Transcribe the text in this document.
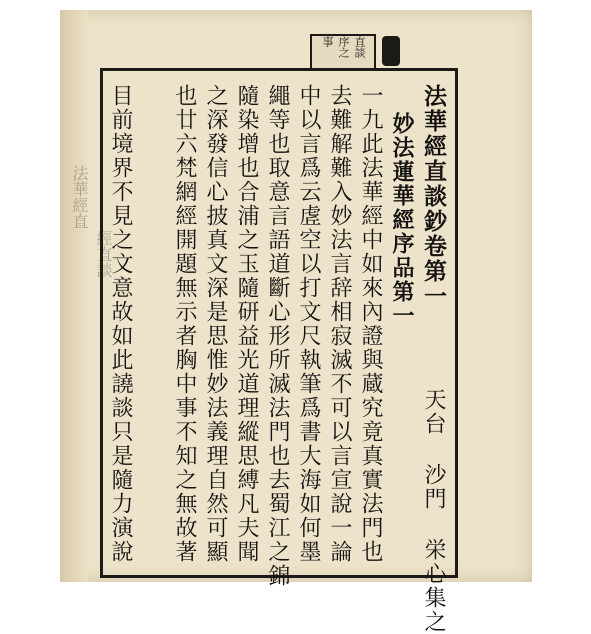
法華經直
經直談
直談序之事
法華經直談鈔卷第一
妙法蓮華經序品第一
天台 沙門 栄心集之
一九此法華經中如來內證與蔵究竟真實法門也
去難解難入妙法言辞相寂滅不可以言宣說一論
中以言爲云虗空以打文尺執筆爲書大海如何墨
繩等也取意言語道斷心形所滅法門也去蜀江之錦
隨染增也合浦之玉隨研益光道理縱思縛凡夫聞
之深發信心披真文深是思惟妙法義理自然可顯
也廿六梵網經開題無示者胸中事不知之無故著
目前境界不見之文意故如此譊談只是隨力演說
